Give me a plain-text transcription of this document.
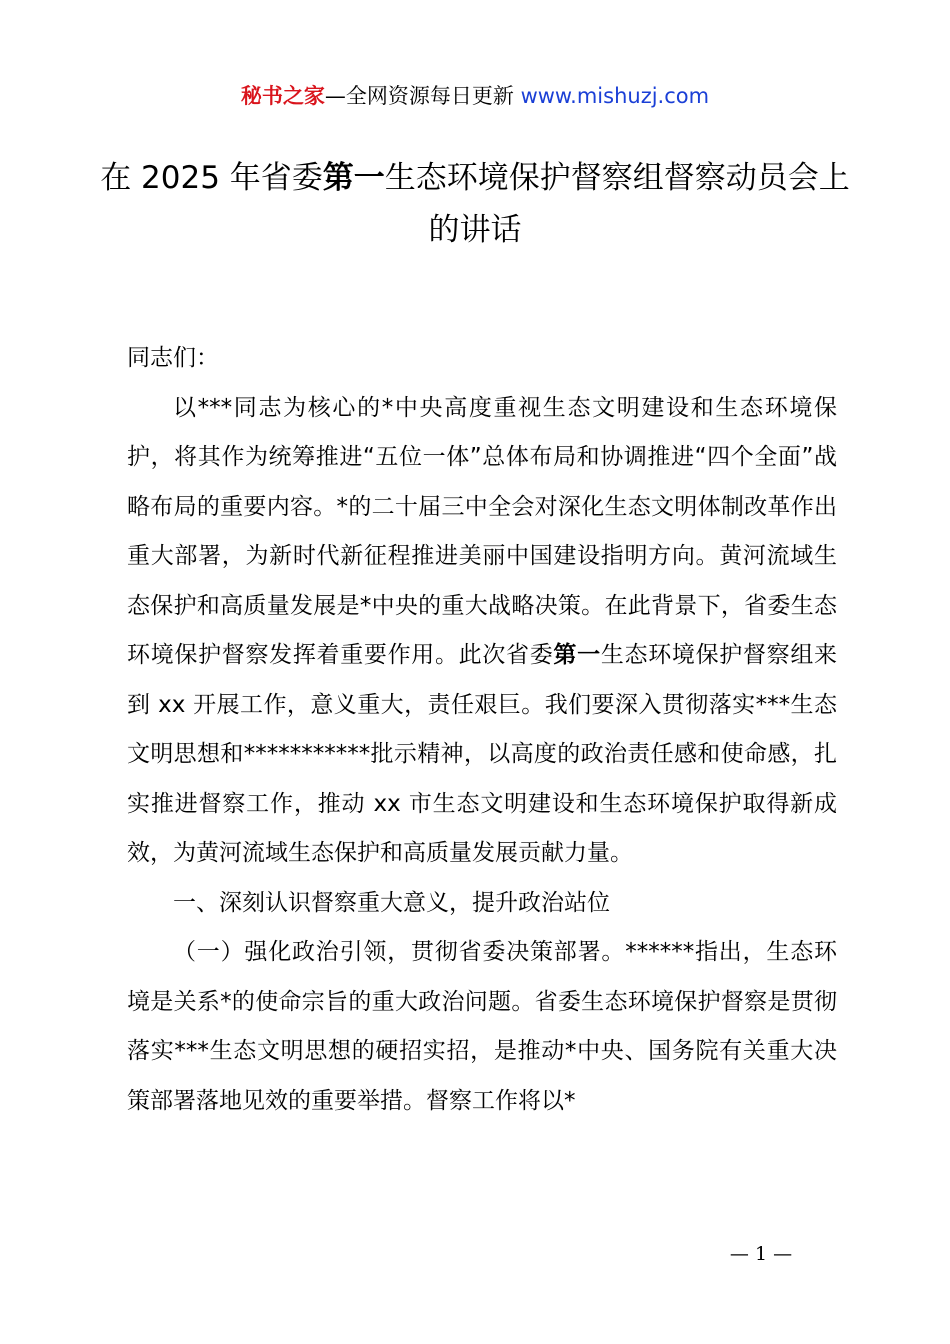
秘书之家—全网资源每日更新 www.mishuzj.com
在 2025 年省委第一生态环境保护督察组督察动员会上的讲话

同志们：

以***同志为核心的*中央高度重视生态文明建设和生态环境保护，将其作为统筹推进“五位一体”总体布局和协调推进“四个全面”战略布局的重要内容。*的二十届三中全会对深化生态文明体制改革作出重大部署，为新时代新征程推进美丽中国建设指明方向。黄河流域生态保护和高质量发展是*中央的重大战略决策。在此背景下，省委生态环境保护督察发挥着重要作用。此次省委第一生态环境保护督察组来到 xx 开展工作，意义重大，责任艰巨。我们要深入贯彻落实***生态文明思想和***********批示精神，以高度的政治责任感和使命感，扎实推进督察工作，推动 xx 市生态文明建设和生态环境保护取得新成效，为黄河流域生态保护和高质量发展贡献力量。

一、深刻认识督察重大意义，提升政治站位

（一）强化政治引领，贯彻省委决策部署。******指出，生态环境是关系*的使命宗旨的重大政治问题。省委生态环境保护督察是贯彻落实***生态文明思想的硬招实招，是推动*中央、国务院有关重大决策部署落地见效的重要举措。督察工作将以*

— 1 —
